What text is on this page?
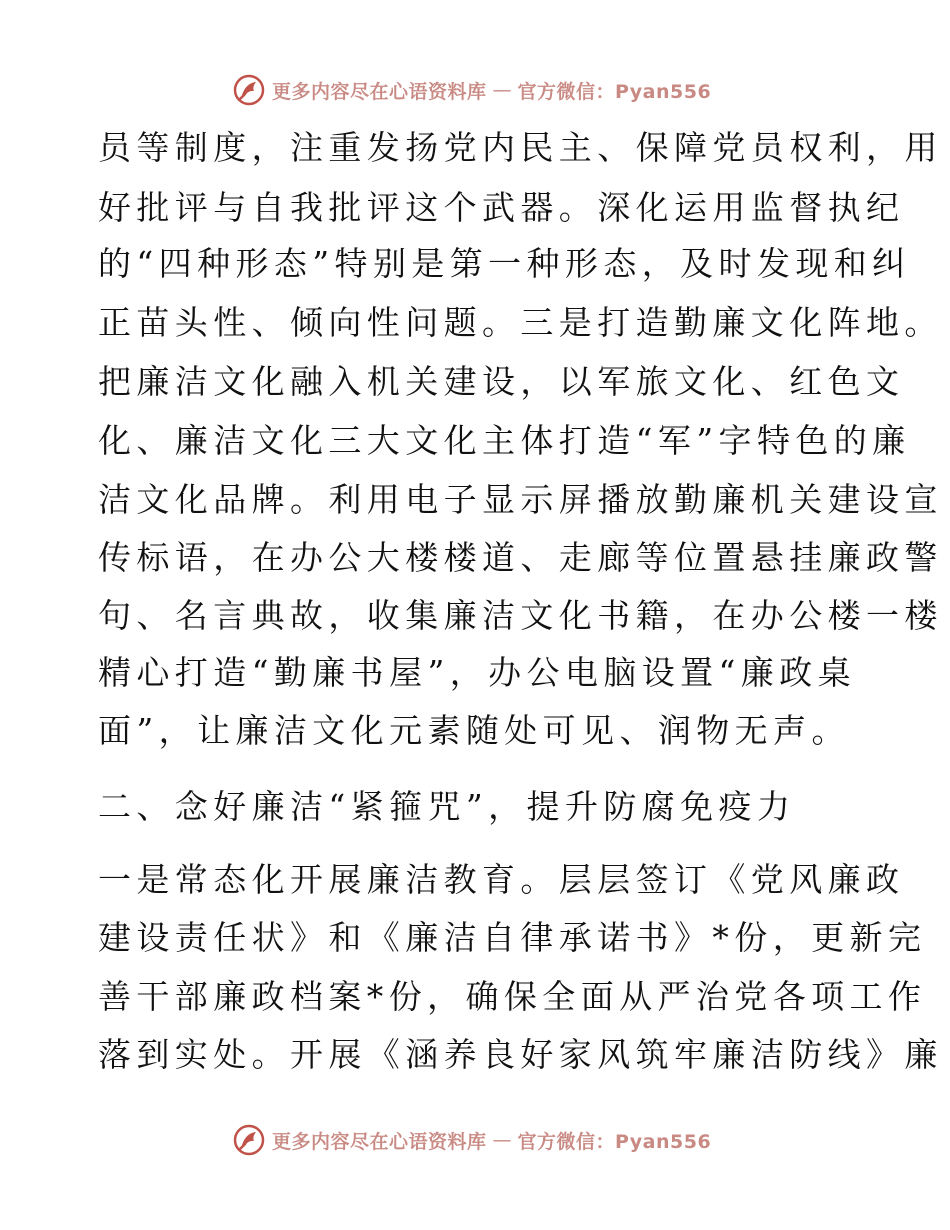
更多内容尽在心语资料库 — 官方微信：Pyan556
员等制度，注重发扬党内民主、保障党员权利，用
好批评与自我批评这个武器。深化运用监督执纪
的“四种形态”特别是第一种形态，及时发现和纠
正苗头性、倾向性问题。三是打造勤廉文化阵地。
把廉洁文化融入机关建设，以军旅文化、红色文
化、廉洁文化三大文化主体打造“军”字特色的廉
洁文化品牌。利用电子显示屏播放勤廉机关建设宣
传标语，在办公大楼楼道、走廊等位置悬挂廉政警
句、名言典故，收集廉洁文化书籍，在办公楼一楼
精心打造“勤廉书屋”，办公电脑设置“廉政桌
面”，让廉洁文化元素随处可见、润物无声。
二、念好廉洁“紧箍咒”，提升防腐免疫力
一是常态化开展廉洁教育。层层签订《党风廉政
建设责任状》和《廉洁自律承诺书》*份，更新完
善干部廉政档案*份，确保全面从严治党各项工作
落到实处。开展《涵养良好家风筑牢廉洁防线》廉
更多内容尽在心语资料库 — 官方微信：Pyan556
